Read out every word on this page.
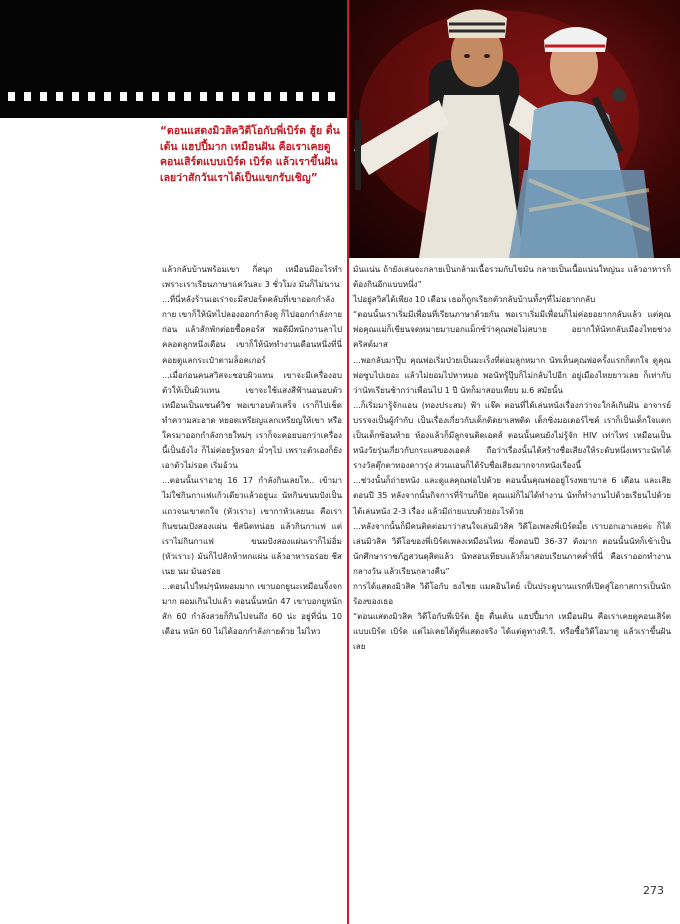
“ตอนแสดงมิวสิควิดีโอกับพี่เบิร์ด ฮู้ย ตื่นเต้น แฮปปี้มาก เหมือนฝัน คือเราเคยดูคอนเสิร์ตแบบเบิร์ด เบิร์ด แล้วเราขึ้นฝันเลยว่าสักวันเราได้เป็นแขกรับเชิญ”

แล้วกลับบ้านพร้อมเขา กี่สนุก เหมือนมีอะไรทำ เพราะเราเรียนภาษาแค่วันละ 3 ชั่วโมง มันก็ไม่นาน

...ที่นี่หลังร้านเอเร่าจะมีสปอร์ตคลับที่เขาออกกำลังกาย เขาก็ให้นัทไปลองออกกำลังดู ก็ไปออกกำลังกายก่อน แล้วสักพักต่อยซื้อคอร์ส พอดีมีพนักงานลาไปคลอดลูกหนึ่งเดือน เขาก็ให้นัททำงานเดือนหนึ่งที่นี่ คอยดูแลกระเป๋าตามล็อคเกอร์

...เมื่อก่อนคนสวิสจะชอบผิวแทน เขาจะมีเครื่องอบตัวให้เป็นผิวแทน เขาจะใช้แสงสีฟ้านอนอบตัวเหมือนเป็นแซนด์วิช พอเขาอบตัวเสร็จ เราก็ไปเช็ดทำความสะอาด หยอดเหรียญแลกเหรียญให้เขา หรือใครมาออกกำลังกายใหม่ๆ เราก็จะคอยบอกว่าเครื่องนี้เป็นยังไง ก็ไม่ค่อยรู้หรอก มั่วๆไป เพราะตัวเองก็ยังเอาตัวไม่รอด เริ่มอ้วน

...ตอนนั้นเราอายุ 16 17 กำลังกินเลยโห.. เข้ามาไม่ใช่กินกาแฟแก้วเดียวแล้วอยู่นะ นัทกินขนมปังเป็นแถวจนเขาตกใจ (หัวเราะ) เขากาหัวเลยนะ คือเรากินขนมปังสองแผ่น ชีสนิดหน่อย แล้วกินกาแฟ แต่เราไม่กินกาแฟ ขนมปังสองแผ่นเราก็ไม่อิ่ม (หัวเราะ) มันก็ไปสักห้าหกแผ่น แล้วอาหารอร่อย ชีส เนย นม มันอร่อย

...ตอนไปใหม่ๆนัทผอมมาก เขาบอกยูนะเหมือนจิ้งจกมาก ผอมเกินไปแล้ว ตอนนั้นหนัก 47 เขาบอกยูหนักสัก 60 กำลังสวยก็กินไปจนถึง 60 น่ะ อยู่ที่นั่น 10 เดือน หนัก 60 ไม่ได้ออกกำลังกายด้วย ไม่ไหว

มันแน่น ถ้ายังเล่นจะกลายเป็นกล้ามเนื้อรวมกับไขมัน กลายเป็นเนื้อแน่นใหญ่นะ แล้วอาหารก็ต้องกินอีกแบบหนึ่ง”

ไปอยู่สวิสได้เพียง 10 เดือน เธอก็ถูกเรียกตัวกลับบ้านทั้งๆที่ไม่อยากกลับ

“ตอนนั้นเราเริ่มมีเพื่อนที่เรียนภาษาด้วยกัน พอเราเริ่มมีเพื่อนก็ไม่ค่อยอยากกลับแล้ว แต่คุณพ่อคุณแม่ก็เขียนจดหมายมาบอกแม็กซ์ว่าคุณพ่อไม่สบาย อยากให้นัทกลับเมืองไทยช่วงคริสต์มาส

...พอกลับมาปุ๊บ คุณพ่อเริ่มป่วยเป็นมะเร็งที่ต่อมลูกหมาก นัทเห็นคุณพ่อครั้งแรกก็ตกใจ ดูคุณพ่อซูบไปเยอะ แล้วไม่ยอมไปหาหมอ พอนัทรู้ปุ๊บก็ไม่กลับไปอีก อยู่เมืองไทยยาวเลย ก็เท่ากับว่านัทเรียนช้ากว่าเพื่อนไป 1 ปี นัทก็มาสอบเทียบ ม.6 สมัยนั้น

...ก็เริ่มมารู้จักแอน (ทองประสม) ฟ้า แจ๊ค ตอนที่ได้เล่นหนังเรื่องกว่าจะใกล้เกินฝัน อาจารย์บรรจงเป็นผู้กำกับ เป็นเรื่องเกี่ยวกับเด็กติดยาเสพติด เด็กซิ่งมอเตอร์ไซค์ เราก็เป็นเด็กใจแตกเป็นเด็กซ้อนท้าย ท้องแล้วก็มีลูกจนติดเอดส์ ตอนนั้นคนยังไม่รู้จัก HIV เท่าไหร่ เหมือนเป็นหนังวัยรุ่นเกี่ยวกับกระแสของเอดส์ ถือว่าเรื่องนั้นได้สร้างชื่อเสียงให้ระดับหนึ่งเพราะนัทได้รางวัลตุ๊กตาทองดาวรุ่ง ส่วนแอนก็ได้รับชื่อเสียงมากจากหนังเรื่องนี้

...ช่วงนั้นก็ถ่ายหนัง และดูแลคุณพ่อไปด้วย ตอนนั้นคุณพ่ออยู่โรงพยาบาล 6 เดือน และเสียตอนปี 35 หลังจากนั้นกิจการที่ร้านก็ปิด คุณแม่ก็ไม่ได้ทำงาน นัทก็ทำงานไปด้วยเรียนไปด้วย ได้เล่นหนัง 2-3 เรื่อง แล้วมีถ่ายแบบด้วยอะไรด้วย

...หลังจากนั้นก็มีคนติดต่อมาว่าสนใจเล่นมิวสิค วิดีโอเพลงพี่เบิร์ดมั้ย เราบอกเอาเลยค่ะ ก็ได้เล่นมิวสิค วิดีโอของพี่เบิร์ดเพลงเหมือนไหม ซึ่งตอนปี 36-37 ดังมาก ตอนนั้นนัทก็เข้าเป็นนักศึกษาราชภัฏสวนดุสิตแล้ว นัทสอบเทียบแล้วก็มาสอบเรียนภาคค่ำที่นี่ คือเราออกทำงานกลางวัน แล้วเรียนกลางคืน”

การได้แสดงมิวสิค วิดีโอกับ ธงไชย แมคอินไตย์ เป็นประตูบานแรกที่เปิดสู่โอกาสการเป็นนักร้องของเธอ

“ตอนแสดงมิวสิค วิดีโอกับพี่เบิร์ด ฮู้ย ตื่นเต้น แฮปปี้มาก เหมือนฝัน คือเราเคยดูคอนเสิร์ตแบบเบิร์ด เบิร์ด แต่ไม่เคยได้ดูที่แสดงจริง ได้แต่ดูทางที.วี. หรือซื้อวิดีโอมาดู แล้วเราขึ้นฝันเลย

273
